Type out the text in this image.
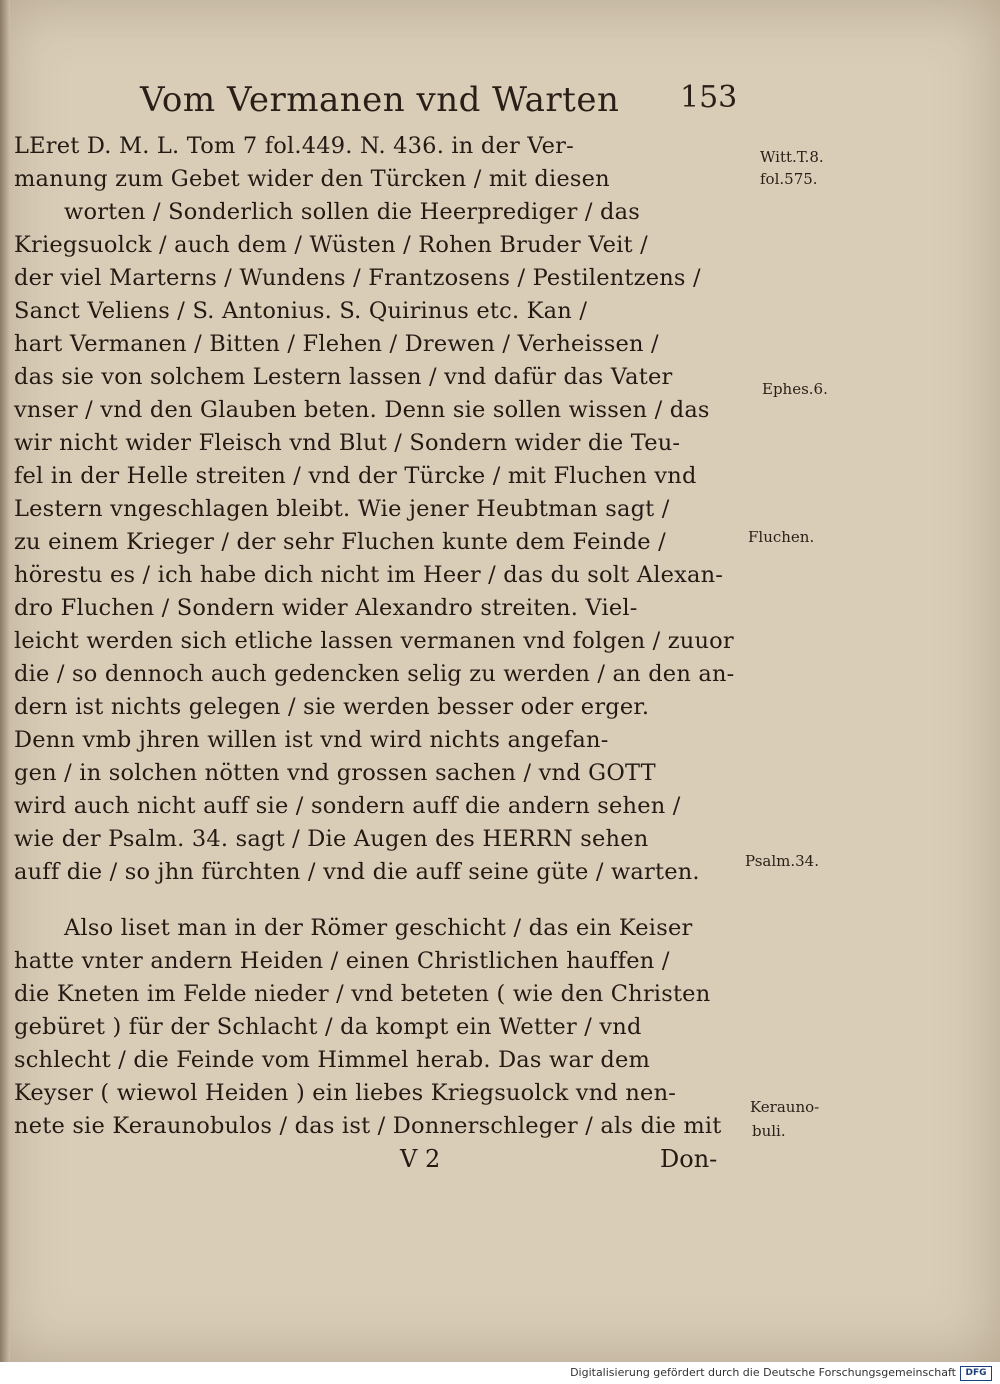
Vom Vermanen vnd Warten 153
LEret D. M. L. Tom 7 fol.449. N. 436. in der Ver-
manung zum Gebet wider den Türcken / mit diesen
worten / Sonderlich sollen die Heerprediger / das
Kriegsuolck / auch dem / Wüsten / Rohen Bruder Veit /
der viel Marterns / Wundens / Frantzosens / Pestilentzens /
Sanct Veliens / S. Antonius. S. Quirinus etc. Kan /
hart Vermanen / Bitten / Flehen / Drewen / Verheissen /
das sie von solchem Lestern lassen / vnd dafür das Vater
vnser / vnd den Glauben beten. Denn sie sollen wissen / das
wir nicht wider Fleisch vnd Blut / Sondern wider die Teu-
fel in der Helle streiten / vnd der Türcke / mit Fluchen vnd
Lestern vngeschlagen bleibt. Wie jener Heubtman sagt /
zu einem Krieger / der sehr Fluchen kunte dem Feinde /
hörestu es / ich habe dich nicht im Heer / das du solt Alexan-
dro Fluchen / Sondern wider Alexandro streiten. Viel-
leicht werden sich etliche lassen vermanen vnd folgen / zuuor
die / so dennoch auch gedencken selig zu werden / an den an-
dern ist nichts gelegen / sie werden besser oder erger.
Denn vmb jhren willen ist vnd wird nichts angefan-
gen / in solchen nötten vnd grossen sachen / vnd GOTT
wird auch nicht auff sie / sondern auff die andern sehen /
wie der Psalm. 34. sagt / Die Augen des HERRN sehen
auff die / so jhn fürchten / vnd die auff seine güte / warten.
Also liset man in der Römer geschicht / das ein Keiser
hatte vnter andern Heiden / einen Christlichen hauffen /
die Kneten im Felde nieder / vnd beteten ( wie den Christen
gebüret ) für der Schlacht / da kompt ein Wetter / vnd
schlecht / die Feinde vom Himmel herab. Das war dem
Keyser ( wiewol Heiden ) ein liebes Kriegsuolck vnd nen-
nete sie Keraunobulos / das ist / Donnerschleger / als die mit
Witt.T.8.
fol.575.
Ephes.6.
Fluchen.
Psalm.34.
Kerauno-
buli.
V 2	Don-
Digitalisierung gefördert durch die Deutsche Forschungsgemeinschaft	DFG
